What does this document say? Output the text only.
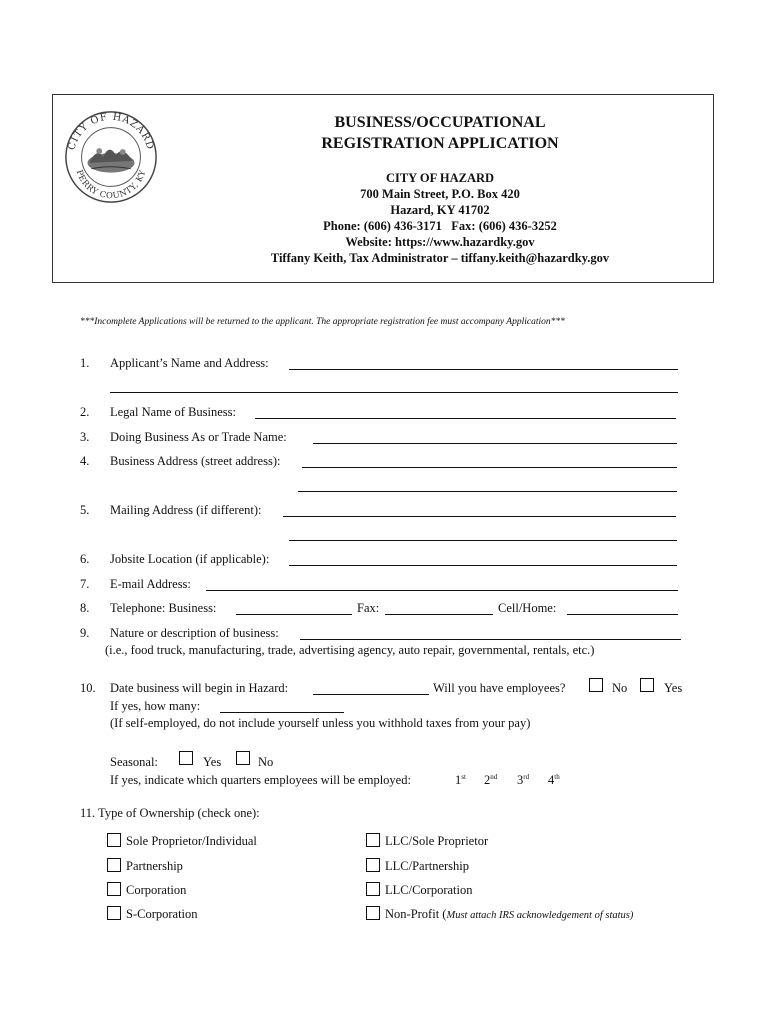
CITY OF HAZARD
PERRY COUNTY, KY
BUSINESS/OCCUPATIONAL
REGISTRATION APPLICATION
CITY OF HAZARD
700 Main Street, P.O. Box 420
Hazard, KY 41702
Phone: (606) 436-3171   Fax: (606) 436-3252
Website: https://www.hazardky.gov
Tiffany Keith, Tax Administrator – tiffany.keith@hazardky.gov
***Incomplete Applications will be returned to the applicant. The appropriate registration fee must accompany Application***
1. Applicant’s Name and Address:
2. Legal Name of Business:
3. Doing Business As or Trade Name:
4. Business Address (street address):
5. Mailing Address (if different):
6. Jobsite Location (if applicable):
7. E-mail Address:
8. Telephone: Business:	Fax:	Cell/Home:
9. Nature or description of business:
(i.e., food truck, manufacturing, trade, advertising agency, auto repair, governmental, rentals, etc.)
10. Date business will begin in Hazard:	Will you have employees?	No	Yes
If yes, how many:
(If self-employed, do not include yourself unless you withhold taxes from your pay)
Seasonal:	Yes	No
If yes, indicate which quarters employees will be employed:	1st 2nd 3rd 4th
11. Type of Ownership (check one):
Sole Proprietor/Individual
Partnership
Corporation
S-Corporation
LLC/Sole Proprietor
LLC/Partnership
LLC/Corporation
Non-Profit (Must attach IRS acknowledgement of status)
